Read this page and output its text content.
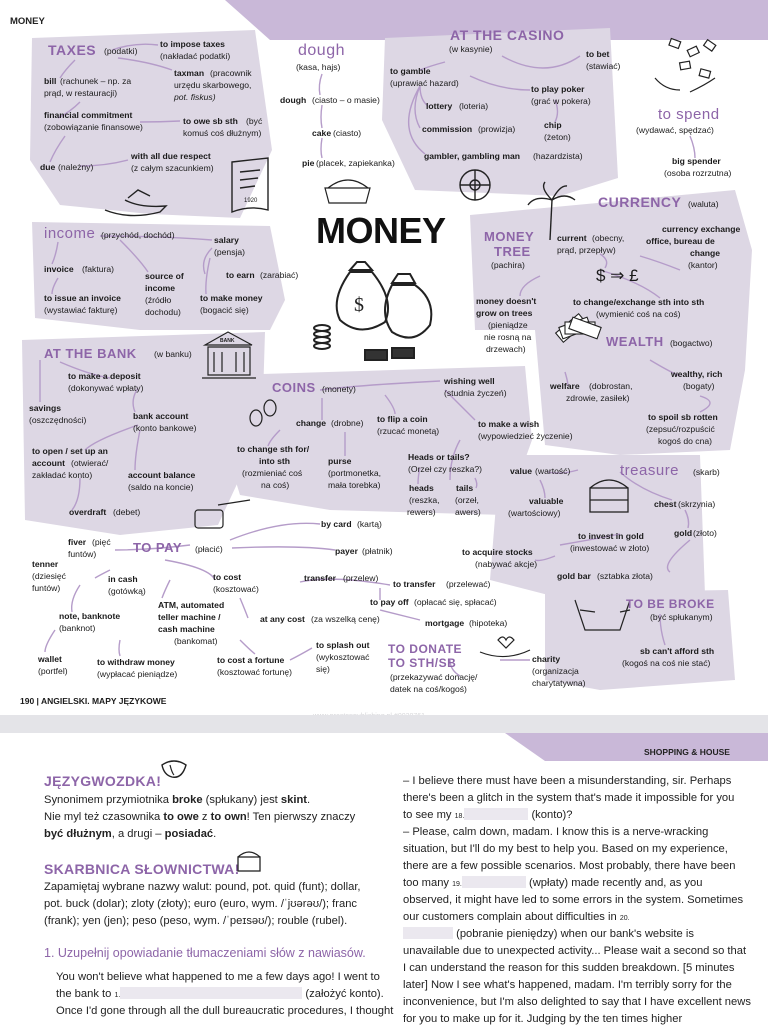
$
MONEY
MONEY
TAXES (podatki)
to impose taxes
(nakładać podatki)
bill (rachunek – np. za
prąd, w restauracji)
taxman (pracownik
urzędu skarbowego,
pot. fiskus)
financial commitment
(zobowiązanie finansowe)
to owe sb sth (być
komuś coś dłużnym)
due (należny)
with all due respect
(z całym szacunkiem)
1920
dough
(kasa, hajs)
dough (ciasto – o masie)
cake (ciasto)
pie (placek, zapiekanka)
AT THE CASINO
(w kasynie)	to bet
(stawiać)
to gamble
(uprawiać hazard)
to play poker
(grać w pokera)
lottery (loteria)
commission (prowizja)	chip
(żeton)
gambler, gambling man (hazardzista)
to spend
(wydawać, spędzać)
big spender
(osoba rozrzutna)
income (przychód, dochód)	salary
(pensja)
invoice (faktura)
source of
income
(źródło
dochodu)
to earn (zarabiać)
to issue an invoice
(wystawiać fakturę)
to make money
(bogacić się)
MONEY
TREE
(pachira)
money doesn't
grow on trees
(pieniądze
nie rosną na
drzewach)
CURRENCY (waluta)
current (obecny,
prąd, przepływ)
currency exchange
office, bureau de
change
(kantor)
$ ⇒ £
to change/exchange sth into sth
(wymienić coś na coś)
AT THE BANK (w banku)
to make a deposit
(dokonywać wpłaty)
savings
(oszczędności)	bank account
(konto bankowe)
to open / set up an
account (otwierać/
zakładać konto)	account balance
(saldo na koncie)
overdraft (debet)
BANK
COINS (monety)
wishing well
(studnia życzeń)
change (drobne) to flip a coin
(rzucać monetą)
to make a wish
(wypowiedzieć życzenie)
to change sth for/
into sth
(rozmieniać coś
na coś)
purse
(portmonetka,
mała torebka)
Heads or tails?
(Orzeł czy reszka?)
heads
(reszka,
rewers)
tails
(orzeł,
awers)
WEALTH (bogactwo)
welfare (dobrostan,
zdrowie, zasiłek)
wealthy, rich
(bogaty)
to spoil sb rotten
(zepsuć/rozpuścić
kogoś do cna)
treasure (skarb)
value (wartość)
valuable
(wartościowy)
chest (skrzynia)
to invest in gold
(inwestować w złoto)
gold (złoto)
to acquire stocks
(nabywać akcje)
gold bar (sztabka złota)
TO PAY (płacić)
by card (kartą)
fiver (pięć
funtów)	payer (płatnik)
tenner
(dziesięć
funtów)
in cash
(gotówką)
to cost
(kosztować)
transfer (przelew)
to transfer (przelewać)
note, banknote
(banknot)
ATM, automated
teller machine /
cash machine
(bankomat)
at any cost (za wszelką cenę)
to pay off (opłacać się, spłacać)
mortgage (hipoteka)
wallet
(portfel)
to withdraw money
(wypłacać pieniądze)
to cost a fortune
(kosztować fortunę)
to splash out
(wykosztować
się)
TO BE BROKE
(być spłukanym)
sb can't afford sth
(kogoś na coś nie stać)
TO DONATE
TO STH/SB
(przekazywać donację/
datek na coś/kogoś)
charity
(organizacja
charytatywna)
190 | ANGIELSKI. MAPY JĘZYKOWE
SHOPPING & HOUSE
JĘZYGWOZDKA!
Synonimem przymiotnika broke (spłukany) jest skint.
Nie myl też czasownika to owe z to own! Ten pierwszy znaczy
być dłużnym, a drugi – posiadać.
SKARBNICA SŁOWNICTWA!
Zapamiętaj wybrane nazwy walut: pound, pot. quid (funt); dollar,
pot. buck (dolar); zloty (złoty); euro (euro, wym. /ˈjʊərəʊ/); franc
(frank); yen (jen); peso (peso, wym. /ˈpeɪsəʊ/); rouble (rubel).
1. Uzupełnij opowiadanie tłumaczeniami słów z nawiasów.
You won't believe what happened to me a few days ago! I went to
the bank to 1.	(założyć konto).
Once I'd gone through all the dull bureaucratic procedures, I thought
– I believe there must have been a misunderstanding, sir. Perhaps
there's been a glitch in the system that's made it impossible for you
to see my 18.	(konto)?
– Please, calm down, madam. I know this is a nerve-wracking
situation, but I'll do my best to help you. Based on my experience,
there are a few possible scenarios. Most probably, there have been
too many 19.	(wpłaty) made recently and, as you
observed, it might have led to some errors in the system. Sometimes
our customers complain about difficulties in 20.
(pobranie pieniędzy) when our bank's website is
unavailable due to unexpected activity... Please wait a second so that
I can understand the reason for this sudden breakdown. [5 minutes
later] Now I see what's happened, madam. I'm terribly sorry for the
inconvenience, but I'm also delighted to say that I have excellent news
for you to make up for it. Judging by the ten times higher
